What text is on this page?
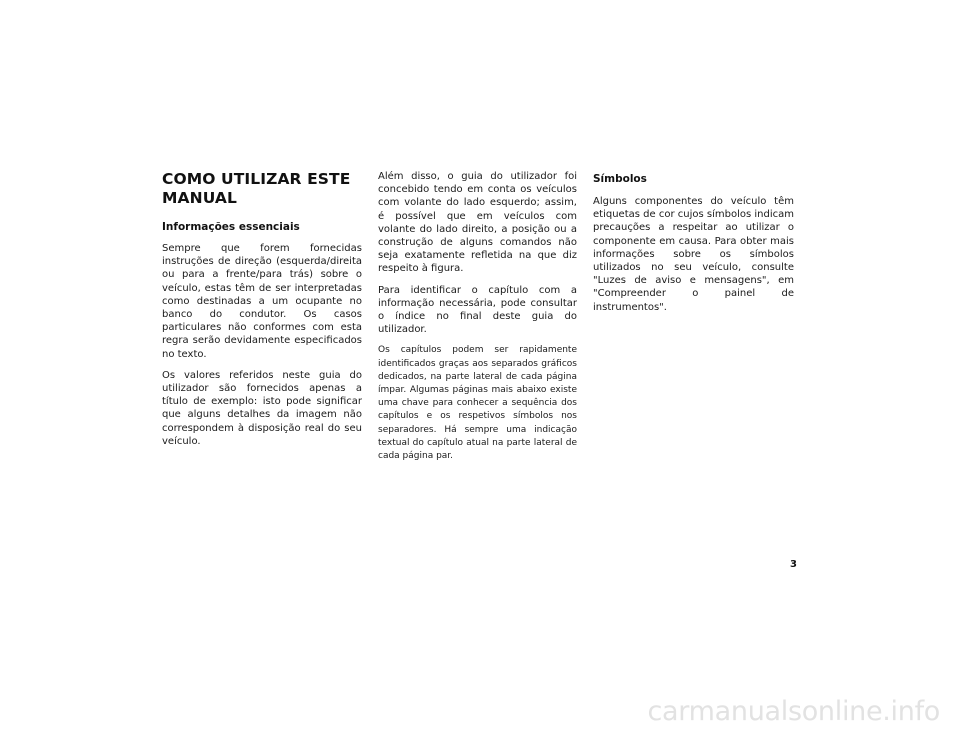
COMO UTILIZAR ESTE MANUAL
Informações essenciais

Sempre que forem fornecidas instruções de direção (esquerda/direita ou para a frente/para trás) sobre o veículo, estas têm de ser interpretadas como destinadas a um ocupante no banco do condutor. Os casos particulares não conformes com esta regra serão devidamente especificados no texto.

Os valores referidos neste guia do utilizador são fornecidos apenas a título de exemplo: isto pode significar que alguns detalhes da imagem não correspondem à disposição real do seu veículo.

Além disso, o guia do utilizador foi concebido tendo em conta os veículos com volante do lado esquerdo; assim, é possível que em veículos com volante do lado direito, a posição ou a construção de alguns comandos não seja exatamente refletida na que diz respeito à figura.

Para identificar o capítulo com a informação necessária, pode consultar o índice no final deste guia do utilizador.

Os capítulos podem ser rapidamente identificados graças aos separados gráficos dedicados, na parte lateral de cada página ímpar. Algumas páginas mais abaixo existe uma chave para conhecer a sequência dos capítulos e os respetivos símbolos nos separadores. Há sempre uma indicação textual do capítulo atual na parte lateral de cada página par.

Símbolos

Alguns componentes do veículo têm etiquetas de cor cujos símbolos indicam precauções a respeitar ao utilizar o componente em causa. Para obter mais informações sobre os símbolos utilizados no seu veículo, consulte "Luzes de aviso e mensagens", em "Compreender o painel de instrumentos".

3
carmanualsonline.info
